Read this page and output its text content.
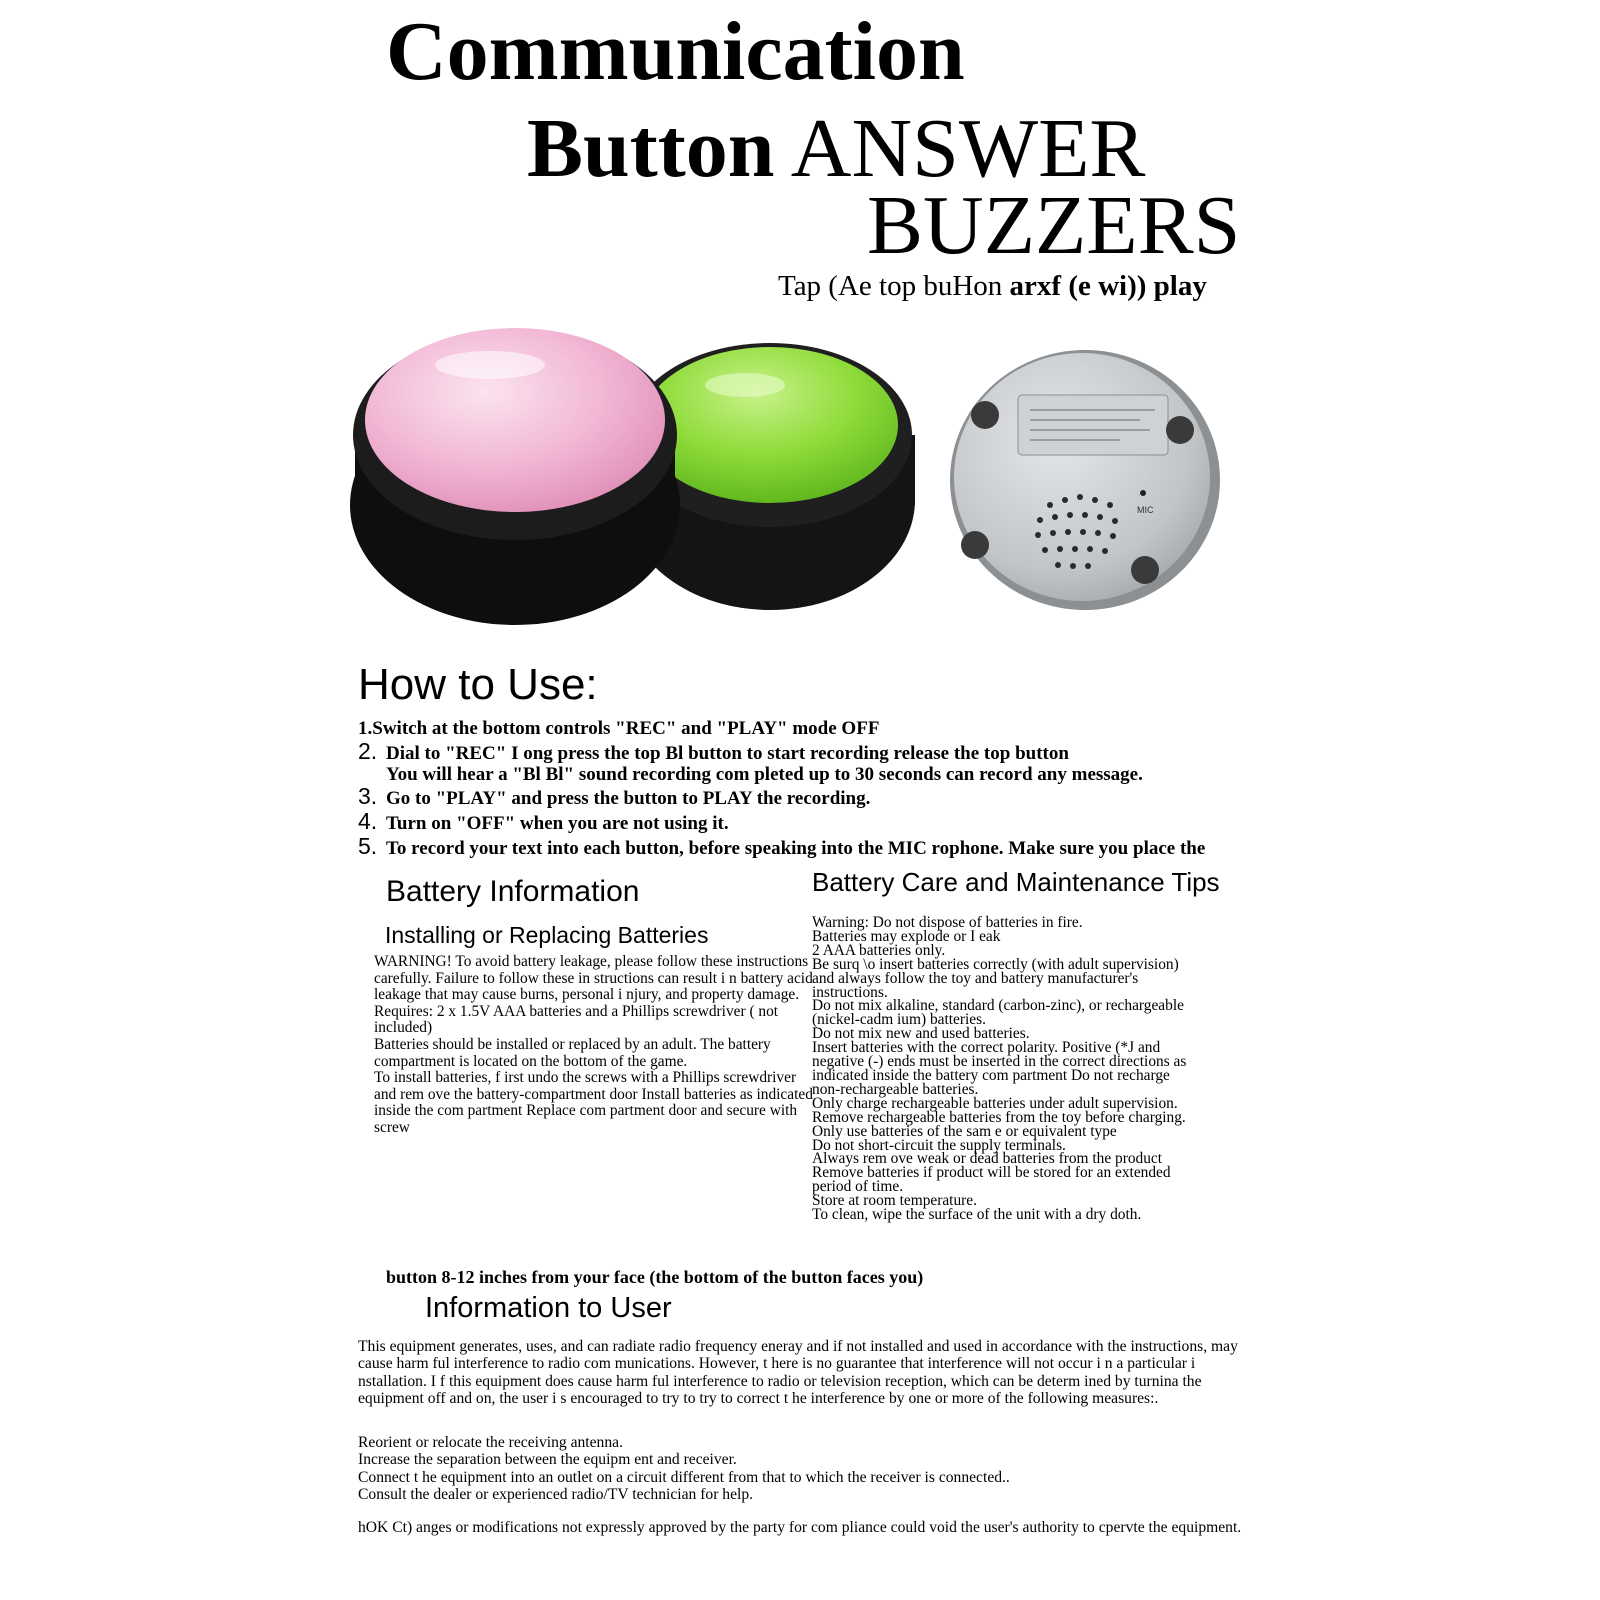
Communication
Button ANSWER
BUZZERS
Tap (Ae top buHon arxf (e wi)) play
MIC
How to Use:
1. Switch at the bottom controls "REC" and "PLAY" mode OFF
2. Dial to "REC" I ong press the top Bl button to start recording release the top button
You will hear a "Bl Bl" sound recording com pleted up to 30 seconds can record any message.
3. Go to "PLAY" and press the button to PLAY the recording.
4. Turn on "OFF" when you are not using it.
5. To record your text into each button, before speaking into the MIC rophone. Make sure you place the
Battery Information
Installing or Replacing Batteries

WARNING! To avoid battery leakage, please follow these instructions carefully. Failure to follow these in structions can result i n battery acid leakage that may cause burns, personal i njury, and property damage. Requires: 2 x 1.5V AAA batteries and a Phillips screwdriver ( not included)

Batteries should be installed or replaced by an adult. The battery compartment is located on the bottom of the game.

To install batteries, f irst undo the screws with a Phillips screwdriver and rem ove the battery-compartment door Install batteries as indicated inside the com partment Replace com partment door and secure with screw

Battery Care and Maintenance Tips
Warning: Do not dispose of batteries in fire.
Batteries may explode or I eak
2 AAA batteries only.
Be surq \o insert batteries correctly (with adult supervision)
and always follow the toy and battery manufacturer's
instructions.
Do not mix alkaline, standard (carbon-zinc), or rechargeable
(nickel-cadm ium) batteries.
Do not mix new and used batteries.
Insert batteries with the correct polarity. Positive (*J and
negative (-) ends must be inserted in the correct directions as
indicated inside the battery com partment Do not recharge
non-rechargeable batteries.
Only charge rechargeable batteries under adult supervision.
Remove rechargeable batteries from the toy before charging.
Only use batteries of the sam e or equivalent type
Do not short-circuit the supply terminals.
Always rem ove weak or dead batteries from the product
Remove batteries if product will be stored for an extended
period of time.
Store at room temperature.
To clean, wipe the surface of the unit with a dry doth.
button 8-12 inches from your face (the bottom of the button faces you)
Information to User
This equipment generates, uses, and can radiate radio frequency eneray and if not installed and used in accordance with the instructions, may cause harm ful interference to radio com munications. However, t here is no guarantee that interference will not occur i n a particular i nstallation. I f this equipment does cause harm ful interference to radio or television reception, which can be determ ined by turnina the equipment off and on, the user i s encouraged to try to try to correct t he interference by one or more of the following measures:.
Reorient or relocate the receiving antenna.
Increase the separation between the equipm ent and receiver.
Connect t he equipment into an outlet on a circuit different from that to which the receiver is connected..
Consult the dealer or experienced radio/TV technician for help.
hOK Ct) anges or modifications not expressly approved by the party for com pliance could void the user's authority to cpervte the equipment.
